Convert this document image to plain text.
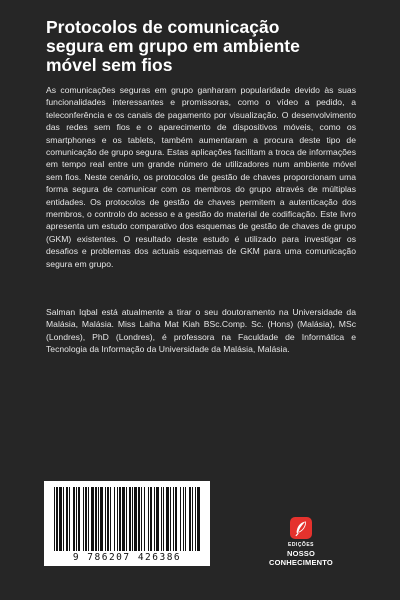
Protocolos de comunicação
segura em grupo em ambiente
móvel sem fios

As comunicações seguras em grupo ganharam popularidade devido às suas funcionalidades interessantes e promissoras, como o vídeo a pedido, a teleconferência e os canais de pagamento por visualização. O desenvolvimento das redes sem fios e o aparecimento de dispositivos móveis, como os smartphones e os tablets, também aumentaram a procura deste tipo de comunicação de grupo segura. Estas aplicações facilitam a troca de informações em tempo real entre um grande número de utilizadores num ambiente móvel sem fios. Neste cenário, os protocolos de gestão de chaves proporcionam uma forma segura de comunicar com os membros do grupo através de múltiplas entidades. Os protocolos de gestão de chaves permitem a autenticação dos membros, o controlo do acesso e a gestão do material de codificação. Este livro apresenta um estudo comparativo dos esquemas de gestão de chaves de grupo (GKM) existentes. O resultado deste estudo é utilizado para investigar os desafios e problemas dos actuais esquemas de GKM para uma comunicação segura em grupo.

Salman Iqbal está atualmente a tirar o seu doutoramento na Universidade da Malásia, Malásia. Miss Laiha Mat Kiah BSc.Comp. Sc. (Hons) (Malásia), MSc (Londres), PhD (Londres), é professora na Faculdade de Informática e Tecnologia da Informação da Universidade da Malásia, Malásia.

9 786207 426386
EDIÇÕES
NOSSO CONHECIMENTO
